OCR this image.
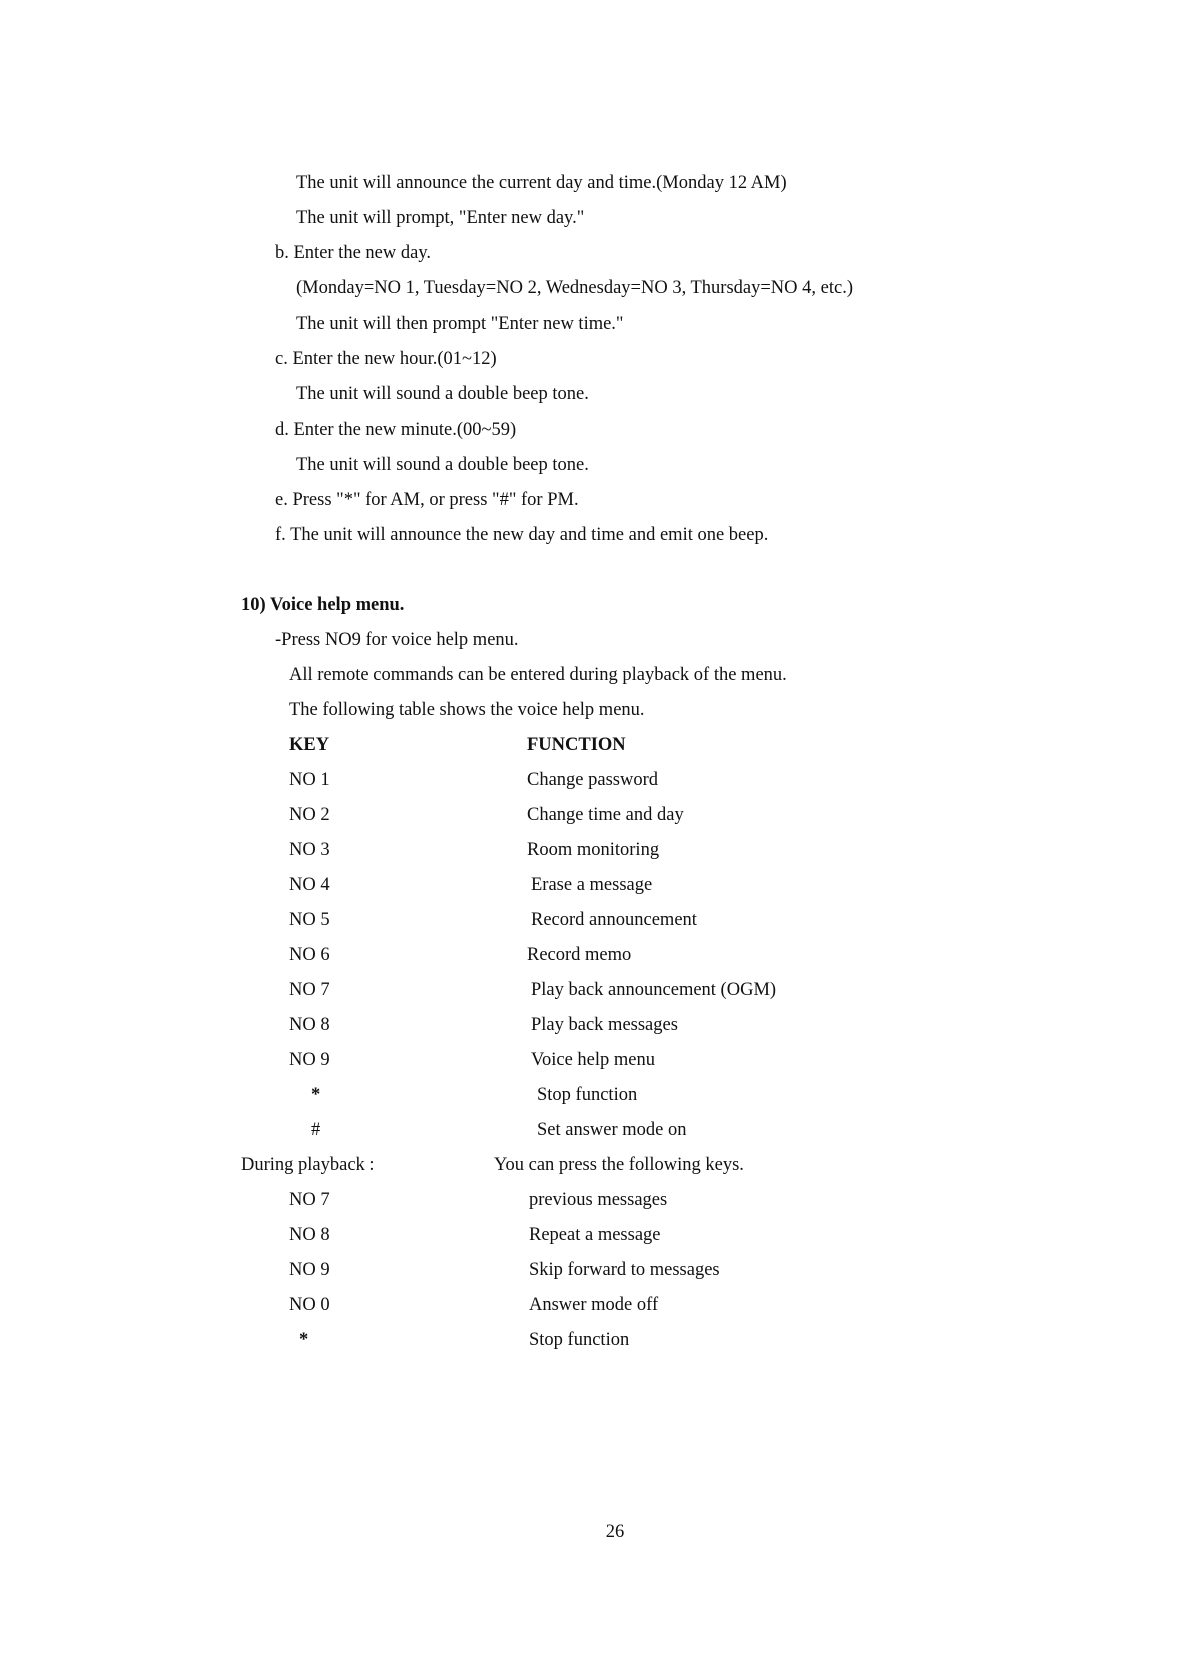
The unit will announce the current day and time.(Monday 12 AM)
The unit will prompt, "Enter new day."
b. Enter the new day.
(Monday=NO 1, Tuesday=NO 2, Wednesday=NO 3, Thursday=NO 4, etc.)
The unit will then prompt "Enter new time."
c. Enter the new hour.(01~12)
The unit will sound a double beep tone.
d. Enter the new minute.(00~59)
The unit will sound a double beep tone.
e. Press "*" for AM, or press "#" for PM.
f. The unit will announce the new day and time and emit one beep.
10) Voice help menu.
-Press NO9 for voice help menu.
All remote commands can be entered during playback of the menu.
The following table shows the voice help menu.
KEY	FUNCTION
NO 1	Change password
NO 2	Change time and day
NO 3	Room monitoring
NO 4	Erase a message
NO 5	Record announcement
NO 6	Record memo
NO 7	Play back announcement (OGM)
NO 8	Play back messages
NO 9	Voice help menu
*	Stop function
#	Set answer mode on
During playback :	You can press the following keys.
NO 7	previous messages
NO 8	Repeat a message
NO 9	Skip forward to messages
NO 0	Answer mode off
*	Stop function
26
